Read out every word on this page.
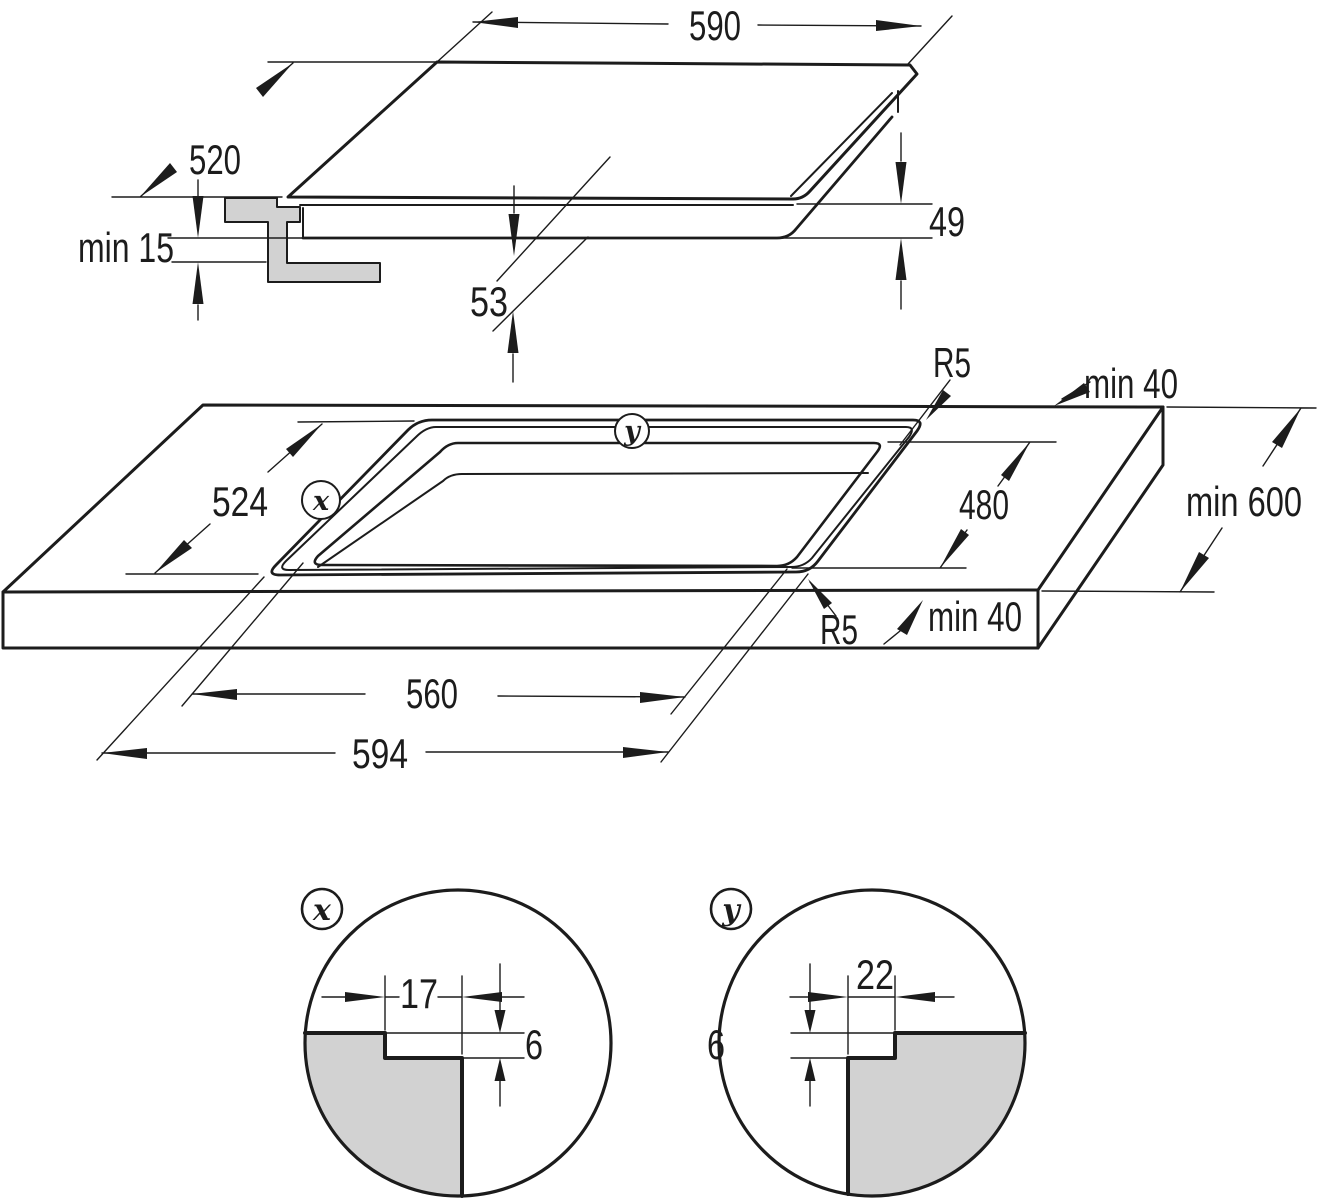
590
520
min 15
53
49
x
y
524	480
R5
R5
min 40
min 40
min 600
560
594
x
17
6
y
22
6
